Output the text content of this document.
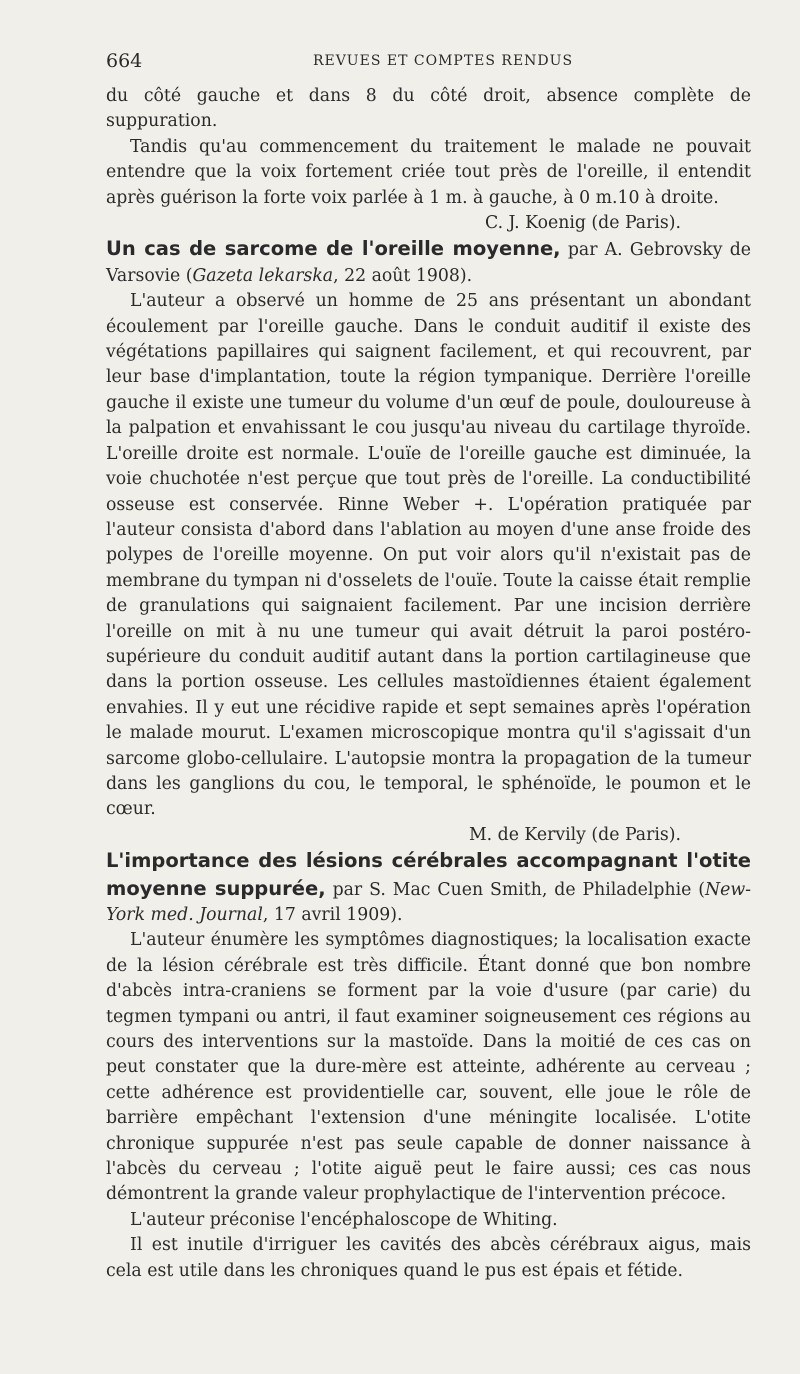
664	REVUES ET COMPTES RENDUS

du côté gauche et dans 8 du côté droit, absence complète de suppuration.

Tandis qu'au commencement du traitement le malade ne pouvait entendre que la voix fortement criée tout près de l'oreille, il entendit après guérison la forte voix parlée à 1 m. à gauche, à 0 m.10 à droite.

C. J. Koenig (de Paris).

Un cas de sarcome de l'oreille moyenne, par A. Gebrovsky de Varsovie (Gazeta lekarska, 22 août 1908).

L'auteur a observé un homme de 25 ans présentant un abondant écoulement par l'oreille gauche. Dans le conduit auditif il existe des végétations papillaires qui saignent facilement, et qui recouvrent, par leur base d'implantation, toute la région tympanique. Derrière l'oreille gauche il existe une tumeur du volume d'un œuf de poule, douloureuse à la palpation et envahissant le cou jusqu'au niveau du cartilage thyroïde. L'oreille droite est normale. L'ouïe de l'oreille gauche est diminuée, la voie chuchotée n'est perçue que tout près de l'oreille. La conductibilité osseuse est conservée. Rinne Weber +. L'opération pratiquée par l'auteur consista d'abord dans l'ablation au moyen d'une anse froide des polypes de l'oreille moyenne. On put voir alors qu'il n'existait pas de membrane du tympan ni d'osselets de l'ouïe. Toute la caisse était remplie de granulations qui saignaient facilement. Par une incision derrière l'oreille on mit à nu une tumeur qui avait détruit la paroi postéro-supérieure du conduit auditif autant dans la portion cartilagineuse que dans la portion osseuse. Les cellules mastoïdiennes étaient également envahies. Il y eut une récidive rapide et sept semaines après l'opération le malade mourut. L'examen microscopique montra qu'il s'agissait d'un sarcome globo-cellulaire. L'autopsie montra la propagation de la tumeur dans les ganglions du cou, le temporal, le sphénoïde, le poumon et le cœur.

M. de Kervily (de Paris).

L'importance des lésions cérébrales accompagnant l'otite moyenne suppurée, par S. Mac Cuen Smith, de Philadelphie (New-York med. Journal, 17 avril 1909).

L'auteur énumère les symptômes diagnostiques; la localisation exacte de la lésion cérébrale est très difficile. Étant donné que bon nombre d'abcès intra-craniens se forment par la voie d'usure (par carie) du tegmen tympani ou antri, il faut examiner soigneusement ces régions au cours des interventions sur la mastoïde. Dans la moitié de ces cas on peut constater que la dure-mère est atteinte, adhérente au cerveau ; cette adhérence est providentielle car, souvent, elle joue le rôle de barrière empêchant l'extension d'une méningite localisée. L'otite chronique suppurée n'est pas seule capable de donner naissance à l'abcès du cerveau ; l'otite aiguë peut le faire aussi; ces cas nous démontrent la grande valeur prophylactique de l'intervention précoce.

L'auteur préconise l'encéphaloscope de Whiting.

Il est inutile d'irriguer les cavités des abcès cérébraux aigus, mais cela est utile dans les chroniques quand le pus est épais et fétide.
